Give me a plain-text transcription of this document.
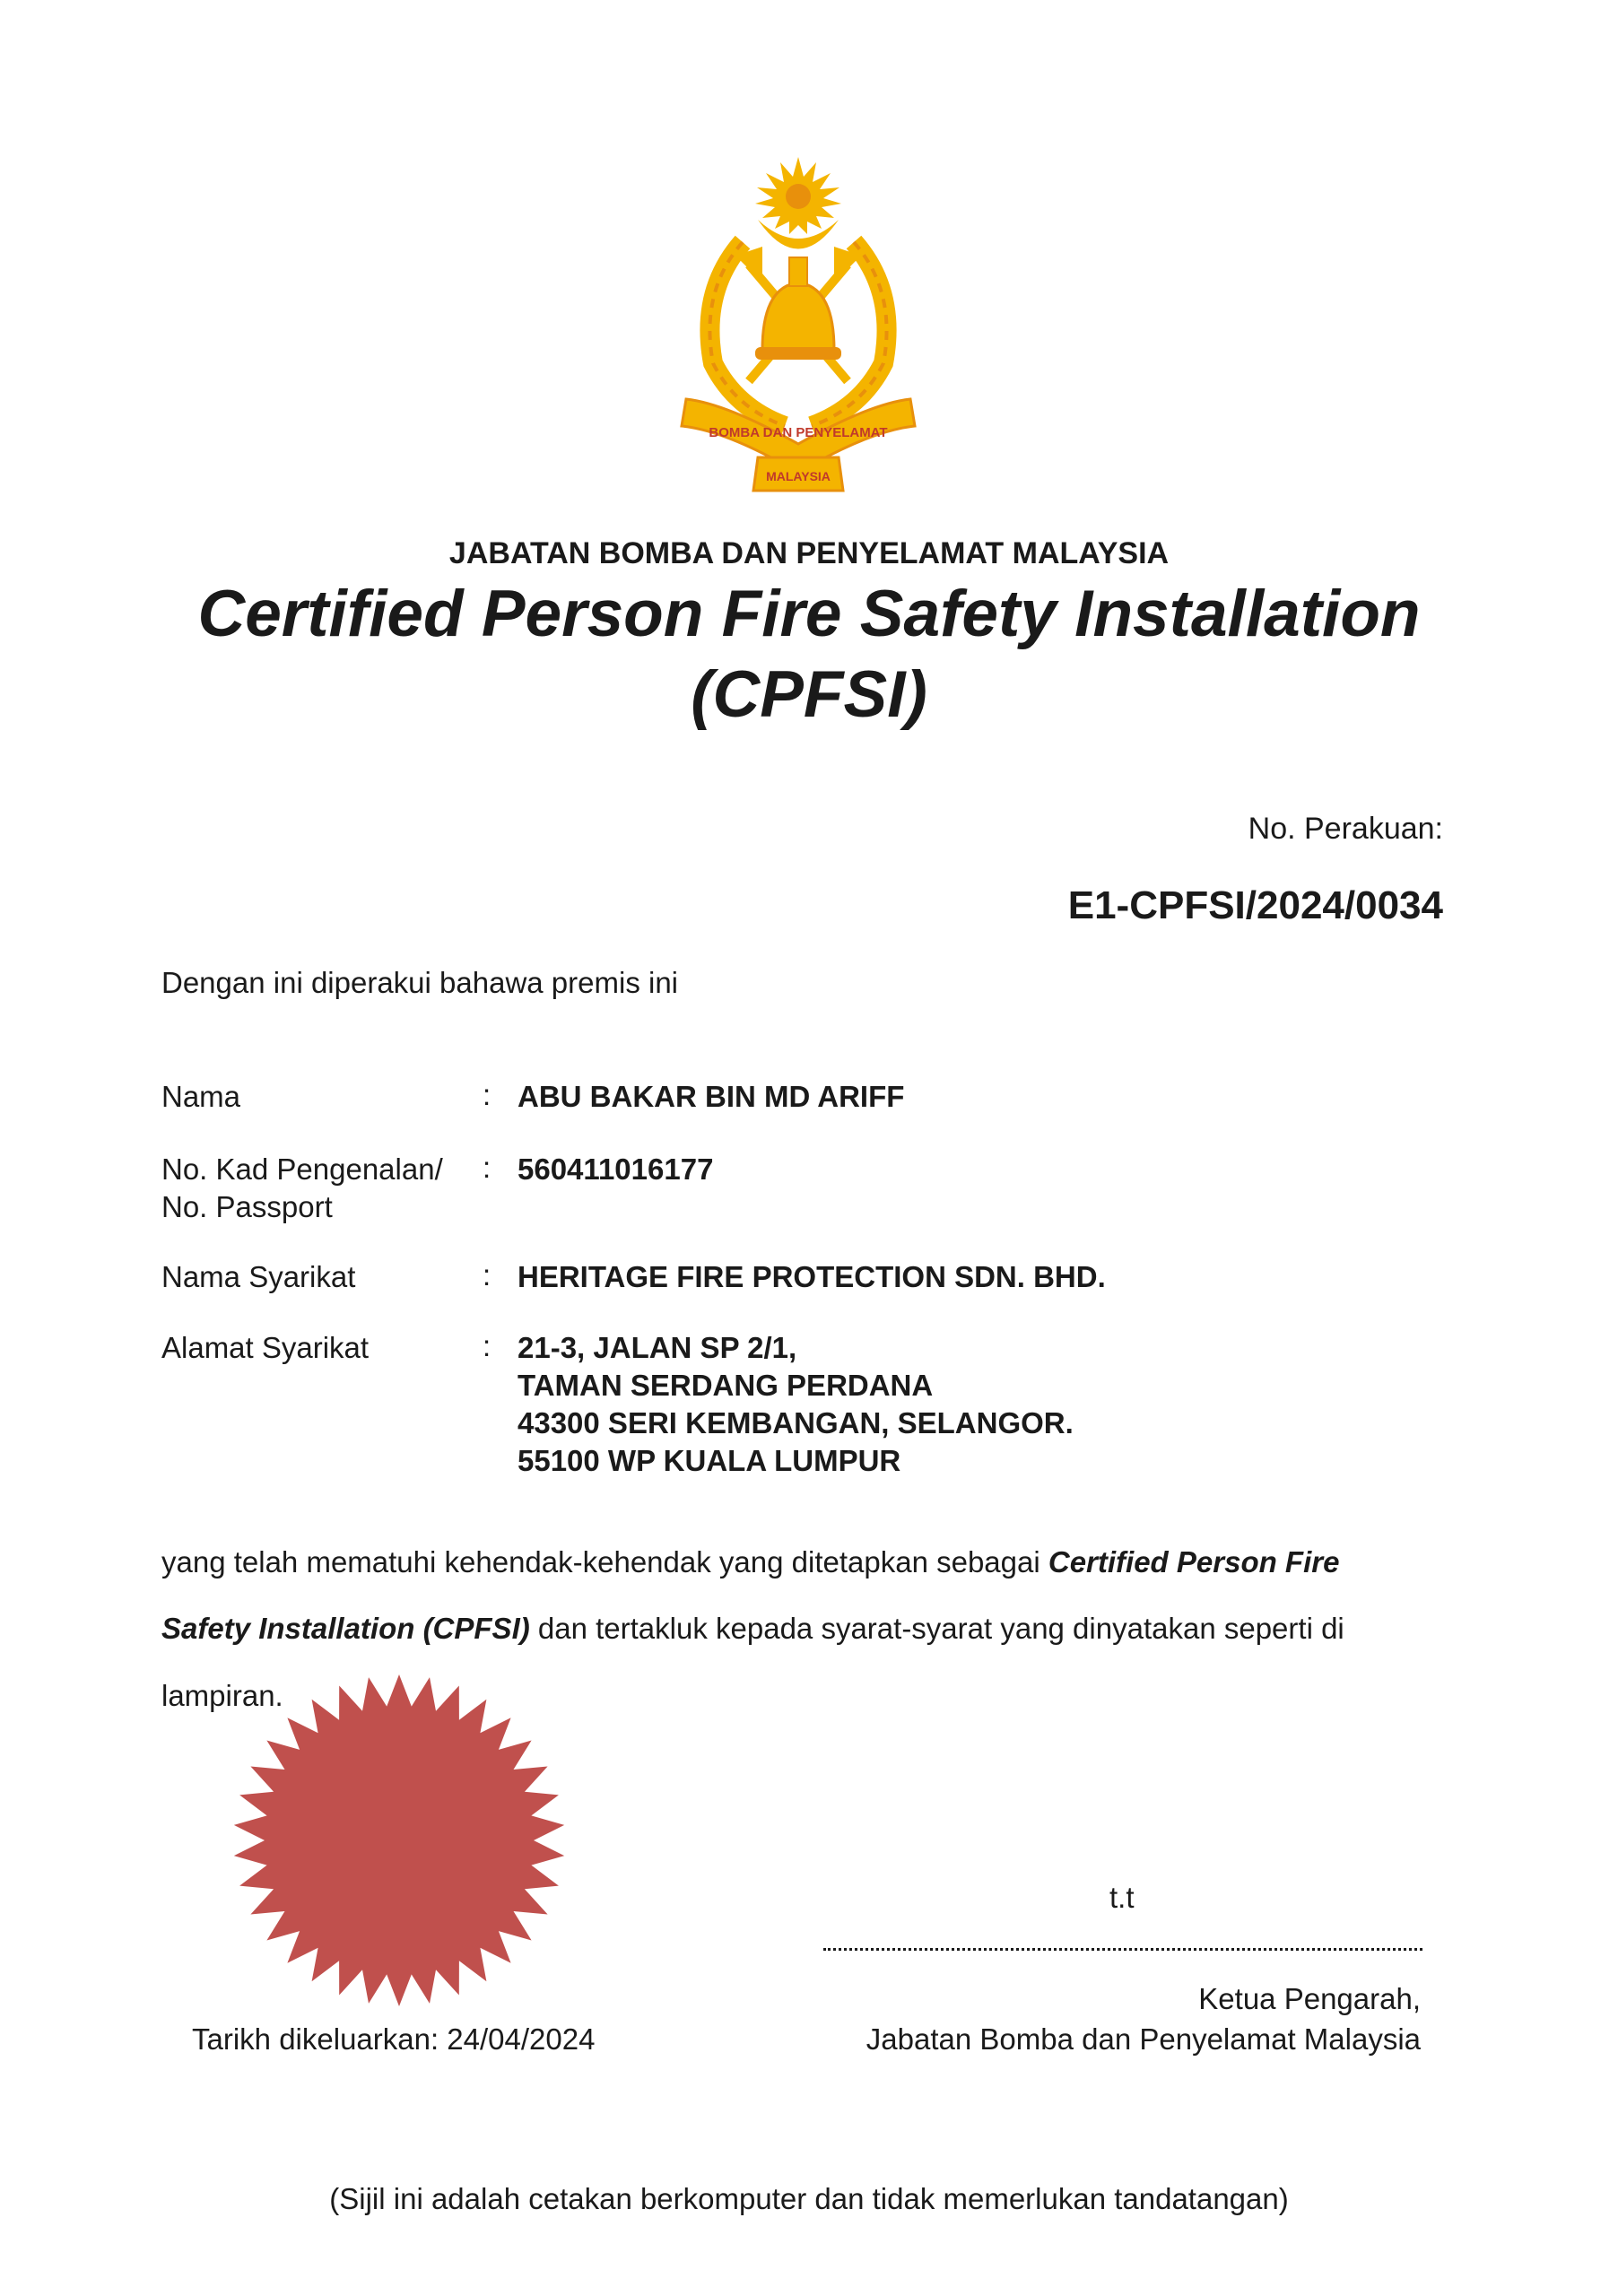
BOMBA DAN PENYELAMAT
MALAYSIA
JABATAN BOMBA DAN PENYELAMAT MALAYSIA
Certified Person Fire Safety Installation
(CPFSI)
No. Perakuan:
E1-CPFSI/2024/0034
Dengan ini diperakui bahawa premis ini
Nama	: ABU BAKAR BIN MD ARIFF
No. Kad Pengenalan/
No. Passport
: 560411016177
Nama Syarikat	: HERITAGE FIRE PROTECTION SDN. BHD.
Alamat Syarikat	: 21-3, JALAN SP 2/1,
TAMAN SERDANG PERDANA
43300 SERI KEMBANGAN, SELANGOR.
55100 WP KUALA LUMPUR
yang telah mematuhi kehendak-kehendak yang ditetapkan sebagai Certified Person Fire
Safety Installation (CPFSI) dan tertakluk kepada syarat-syarat yang dinyatakan seperti di
lampiran.
t.t
Ketua Pengarah,
Jabatan Bomba dan Penyelamat Malaysia
Tarikh dikeluarkan: 24/04/2024
(Sijil ini adalah cetakan berkomputer dan tidak memerlukan tandatangan)
